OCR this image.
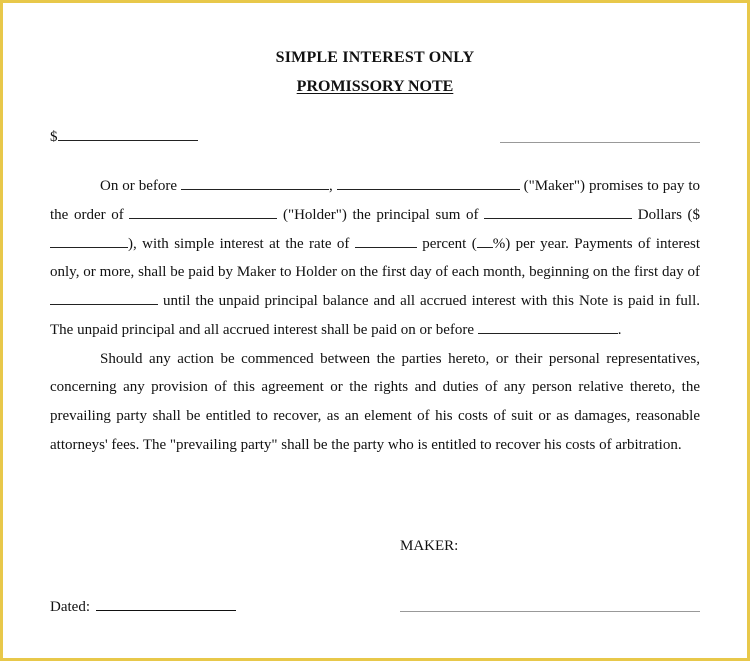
SIMPLE INTEREST ONLY
PROMISSORY NOTE
$

On or before	,	("Maker") promises to pay to the order of	("Holder") the principal sum of	Dollars ($), with simple interest at the rate of	percent ( %) per year. Payments of interest only, or more, shall be paid by Maker to Holder on the first day of each month, beginning on the first day of  until the unpaid principal balance and all accrued interest with this Note is paid in full. The unpaid principal and all accrued interest shall be paid on or before	.

Should any action be commenced between the parties hereto, or their personal representatives, concerning any provision of this agreement or the rights and duties of any person relative thereto, the prevailing party shall be entitled to recover, as an element of his costs of suit or as damages, reasonable attorneys' fees. The "prevailing party" shall be the party who is entitled to recover his costs of arbitration.

MAKER:
Dated:
